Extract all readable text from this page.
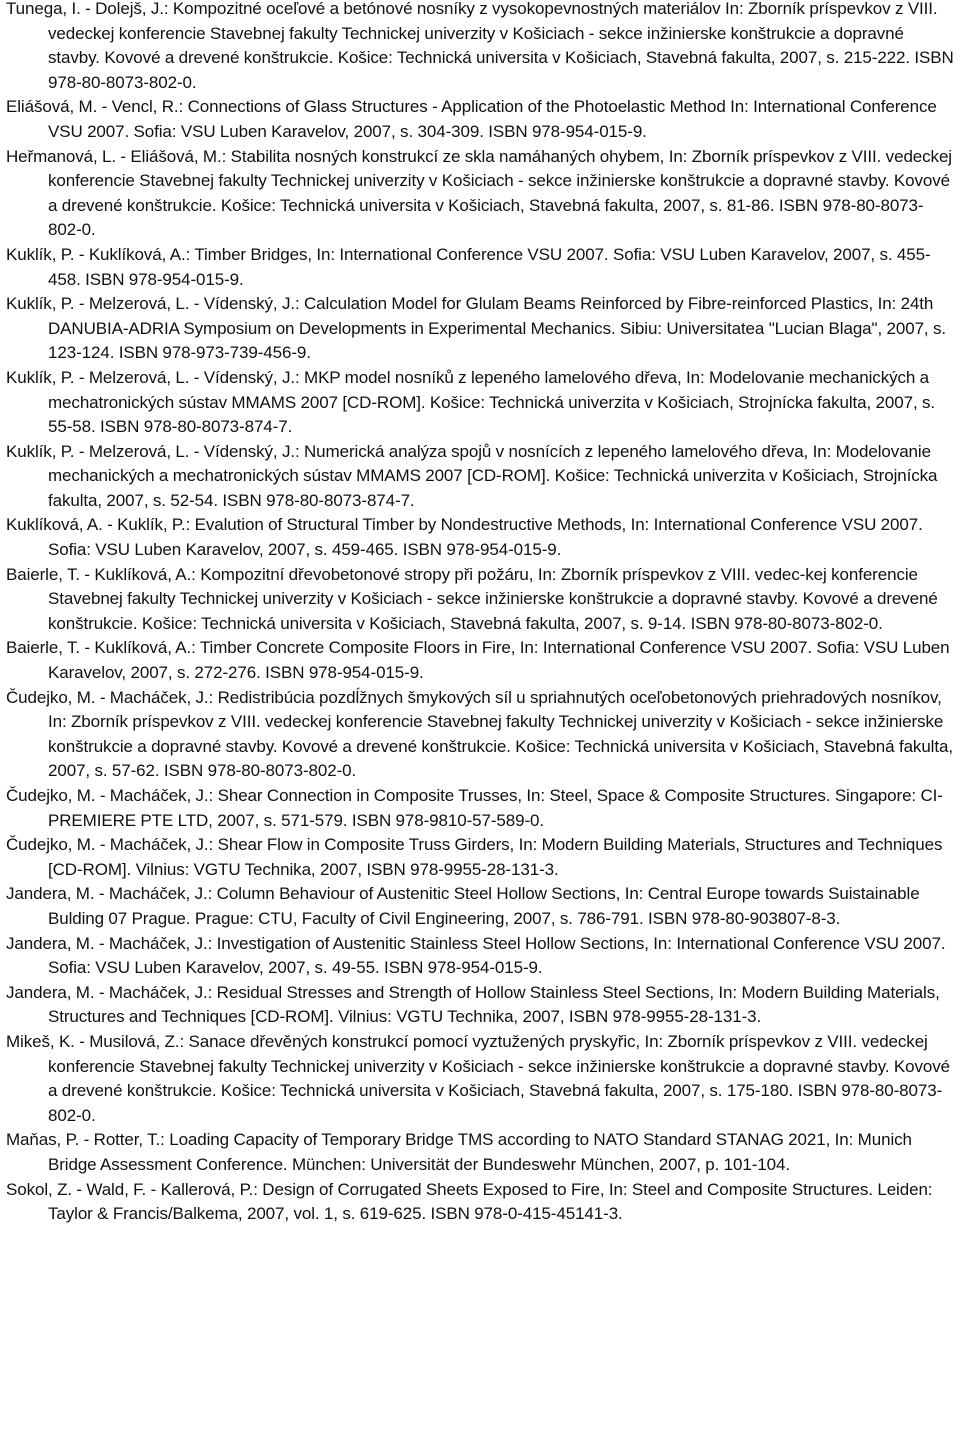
Tunega, I. - Dolejš, J.: Kompozitné oceľové a betónové nosníky z vysokopevnostných materiálov In: Zborník príspevkov z VIII. vedeckej konferencie Stavebnej fakulty Technickej univerzity v Košiciach - sekce inžinierske konštrukcie a dopravné stavby. Kovové a drevené konštrukcie. Košice: Technická universita v Košiciach, Stavebná fakulta, 2007, s. 215-222. ISBN 978-80-8073-802-0.

Eliášová, M. - Vencl, R.: Connections of Glass Structures - Application of the Photoelastic Method In: International Conference VSU 2007. Sofia: VSU Luben Karavelov, 2007, s. 304-309. ISBN 978-954-015-9.

Heřmanová, L. - Eliášová, M.: Stabilita nosných konstrukcí ze skla namáhaných ohybem, In: Zborník príspevkov z VIII. vedeckej konferencie Stavebnej fakulty Technickej univerzity v Košiciach - sekce inžinierske konštrukcie a dopravné stavby. Kovové a drevené konštrukcie. Košice: Technická universita v Košiciach, Stavebná fakulta, 2007, s. 81-86. ISBN 978-80-8073-802-0.

Kuklík, P. - Kuklíková, A.: Timber Bridges, In: International Conference VSU 2007. Sofia: VSU Luben Karavelov, 2007, s. 455-458. ISBN 978-954-015-9.

Kuklík, P. - Melzerová, L. - Vídenský, J.: Calculation Model for Glulam Beams Reinforced by Fibre-reinforced Plastics, In: 24th DANUBIA-ADRIA Symposium on Developments in Experimental Mechanics. Sibiu: Universitatea "Lucian Blaga", 2007, s. 123-124. ISBN 978-973-739-456-9.

Kuklík, P. - Melzerová, L. - Vídenský, J.: MKP model nosníků z lepeného lamelového dřeva, In: Modelovanie mechanických a mechatronických sústav MMAMS 2007 [CD-ROM]. Košice: Technická univerzita v Košiciach, Strojnícka fakulta, 2007, s. 55-58. ISBN 978-80-8073-874-7.

Kuklík, P. - Melzerová, L. - Vídenský, J.: Numerická analýza spojů v nosnících z lepeného lamelového dřeva, In: Modelovanie mechanických a mechatronických sústav MMAMS 2007 [CD-ROM]. Košice: Technická univerzita v Košiciach, Strojnícka fakulta, 2007, s. 52-54. ISBN 978-80-8073-874-7.

Kuklíková, A. - Kuklík, P.: Evalution of Structural Timber by Nondestructive Methods, In: International Conference VSU 2007. Sofia: VSU Luben Karavelov, 2007, s. 459-465. ISBN 978-954-015-9.

Baierle, T. - Kuklíková, A.: Kompozitní dřevobetonové stropy při požáru, In: Zborník príspevkov z VIII. vedec-kej konferencie Stavebnej fakulty Technickej univerzity v Košiciach - sekce inžinierske konštrukcie a dopravné stavby. Kovové a drevené konštrukcie. Košice: Technická universita v Košiciach, Stavebná fakulta, 2007, s. 9-14. ISBN 978-80-8073-802-0.

Baierle, T. - Kuklíková, A.: Timber Concrete Composite Floors in Fire, In: International Conference VSU 2007. Sofia: VSU Luben Karavelov, 2007, s. 272-276. ISBN 978-954-015-9.

Čudejko, M. - Macháček, J.: Redistribúcia pozdĺžnych šmykových síl u spriahnutých oceľobetonových priehradových nosníkov, In: Zborník príspevkov z VIII. vedeckej konferencie Stavebnej fakulty Technickej univerzity v Košiciach - sekce inžinierske konštrukcie a dopravné stavby. Kovové a drevené konštrukcie. Košice: Technická universita v Košiciach, Stavebná fakulta, 2007, s. 57-62. ISBN 978-80-8073-802-0.

Čudejko, M. - Macháček, J.: Shear Connection in Composite Trusses, In: Steel, Space & Composite Structures. Singapore: CI-PREMIERE PTE LTD, 2007, s. 571-579. ISBN 978-9810-57-589-0.

Čudejko, M. - Macháček, J.: Shear Flow in Composite Truss Girders, In: Modern Building Materials, Structures and Techniques [CD-ROM]. Vilnius: VGTU Technika, 2007, ISBN 978-9955-28-131-3.

Jandera, M. - Macháček, J.: Column Behaviour of Austenitic Steel Hollow Sections, In: Central Europe towards Suistainable Bulding 07 Prague. Prague: CTU, Faculty of Civil Engineering, 2007, s. 786-791. ISBN 978-80-903807-8-3.

Jandera, M. - Macháček, J.: Investigation of Austenitic Stainless Steel Hollow Sections, In: International Conference VSU 2007. Sofia: VSU Luben Karavelov, 2007, s. 49-55. ISBN 978-954-015-9.

Jandera, M. - Macháček, J.: Residual Stresses and Strength of Hollow Stainless Steel Sections, In: Modern Building Materials, Structures and Techniques [CD-ROM]. Vilnius: VGTU Technika, 2007, ISBN 978-9955-28-131-3.

Mikeš, K. - Musilová, Z.: Sanace dřevěných konstrukcí pomocí vyztužených pryskyřic, In: Zborník príspevkov z VIII. vedeckej konferencie Stavebnej fakulty Technickej univerzity v Košiciach - sekce inžinierske konštrukcie a dopravné stavby. Kovové a drevené konštrukcie. Košice: Technická universita v Košiciach, Stavebná fakulta, 2007, s. 175-180. ISBN 978-80-8073-802-0.

Maňas, P. - Rotter, T.: Loading Capacity of Temporary Bridge TMS according to NATO Standard STANAG 2021, In: Munich Bridge Assessment Conference. München: Universität der Bundeswehr München, 2007, p. 101-104.

Sokol, Z. - Wald, F. - Kallerová, P.: Design of Corrugated Sheets Exposed to Fire, In: Steel and Composite Structures. Leiden: Taylor & Francis/Balkema, 2007, vol. 1, s. 619-625. ISBN 978-0-415-45141-3.
